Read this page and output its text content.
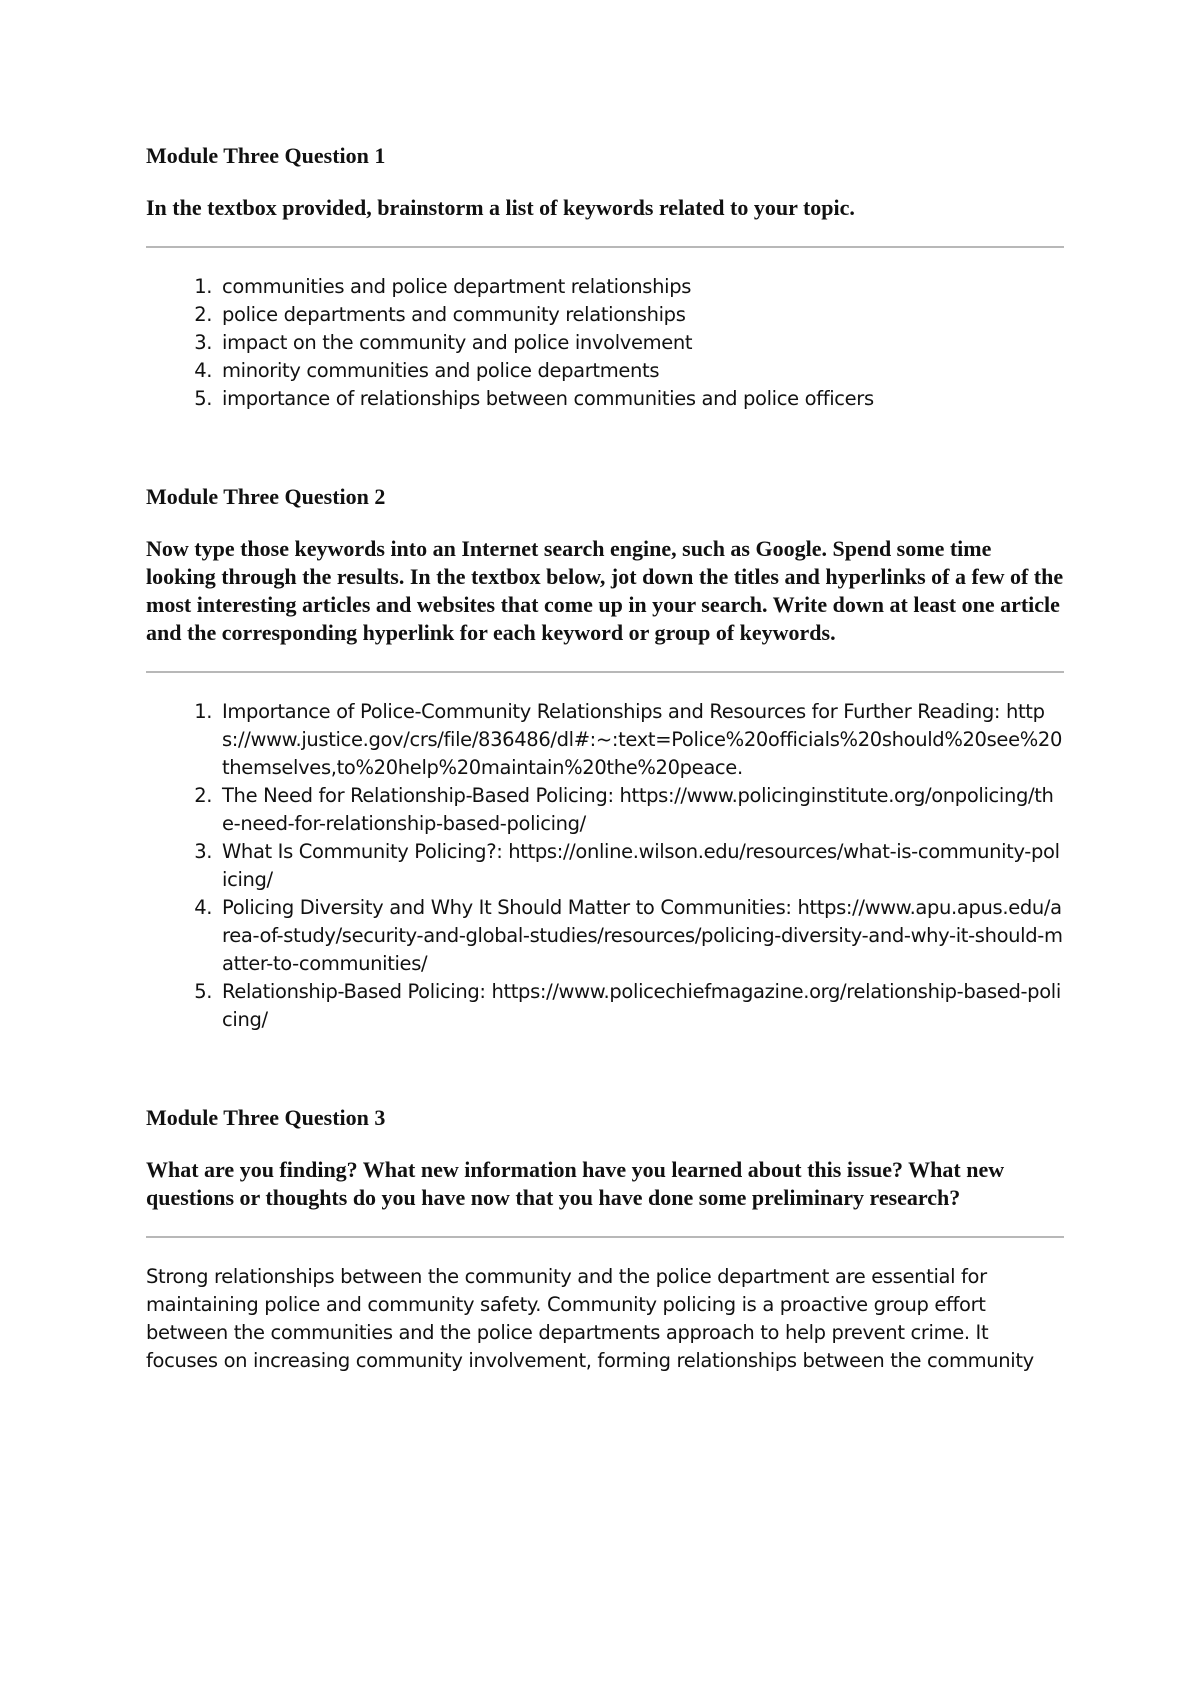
Module Three Question 1

In the textbox provided, brainstorm a list of keywords related to your topic.

1. communities and police department relationships
2. police departments and community relationships
3. impact on the community and police involvement
4. minority communities and police departments
5. importance of relationships between communities and police officers

Module Three Question 2

Now type those keywords into an Internet search engine, such as Google. Spend some time looking through the results. In the textbox below, jot down the titles and hyperlinks of a few of the most interesting articles and websites that come up in your search. Write down at least one article and the corresponding hyperlink for each keyword or group of keywords.

1. Importance of Police-Community Relationships and Resources for Further Reading: https://www.justice.gov/crs/file/836486/dl#:~:text=Police%20officials%20should%20see%20themselves,to%20help%20maintain%20the%20peace.
2. The Need for Relationship-Based Policing: https://www.policinginstitute.org/onpolicing/the-need-for-relationship-based-policing/
3. What Is Community Policing?: https://online.wilson.edu/resources/what-is-community-policing/
4. Policing Diversity and Why It Should Matter to Communities: https://www.apu.apus.edu/area-of-study/security-and-global-studies/resources/policing-diversity-and-why-it-should-matter-to-communities/
5. Relationship-Based Policing: https://www.policechiefmagazine.org/relationship-based-policing/

Module Three Question 3

What are you finding? What new information have you learned about this issue? What new questions or thoughts do you have now that you have done some preliminary research?

Strong relationships between the community and the police department are essential for maintaining police and community safety. Community policing is a proactive group effort between the communities and the police departments approach to help prevent crime. It focuses on increasing community involvement, forming relationships between the community
